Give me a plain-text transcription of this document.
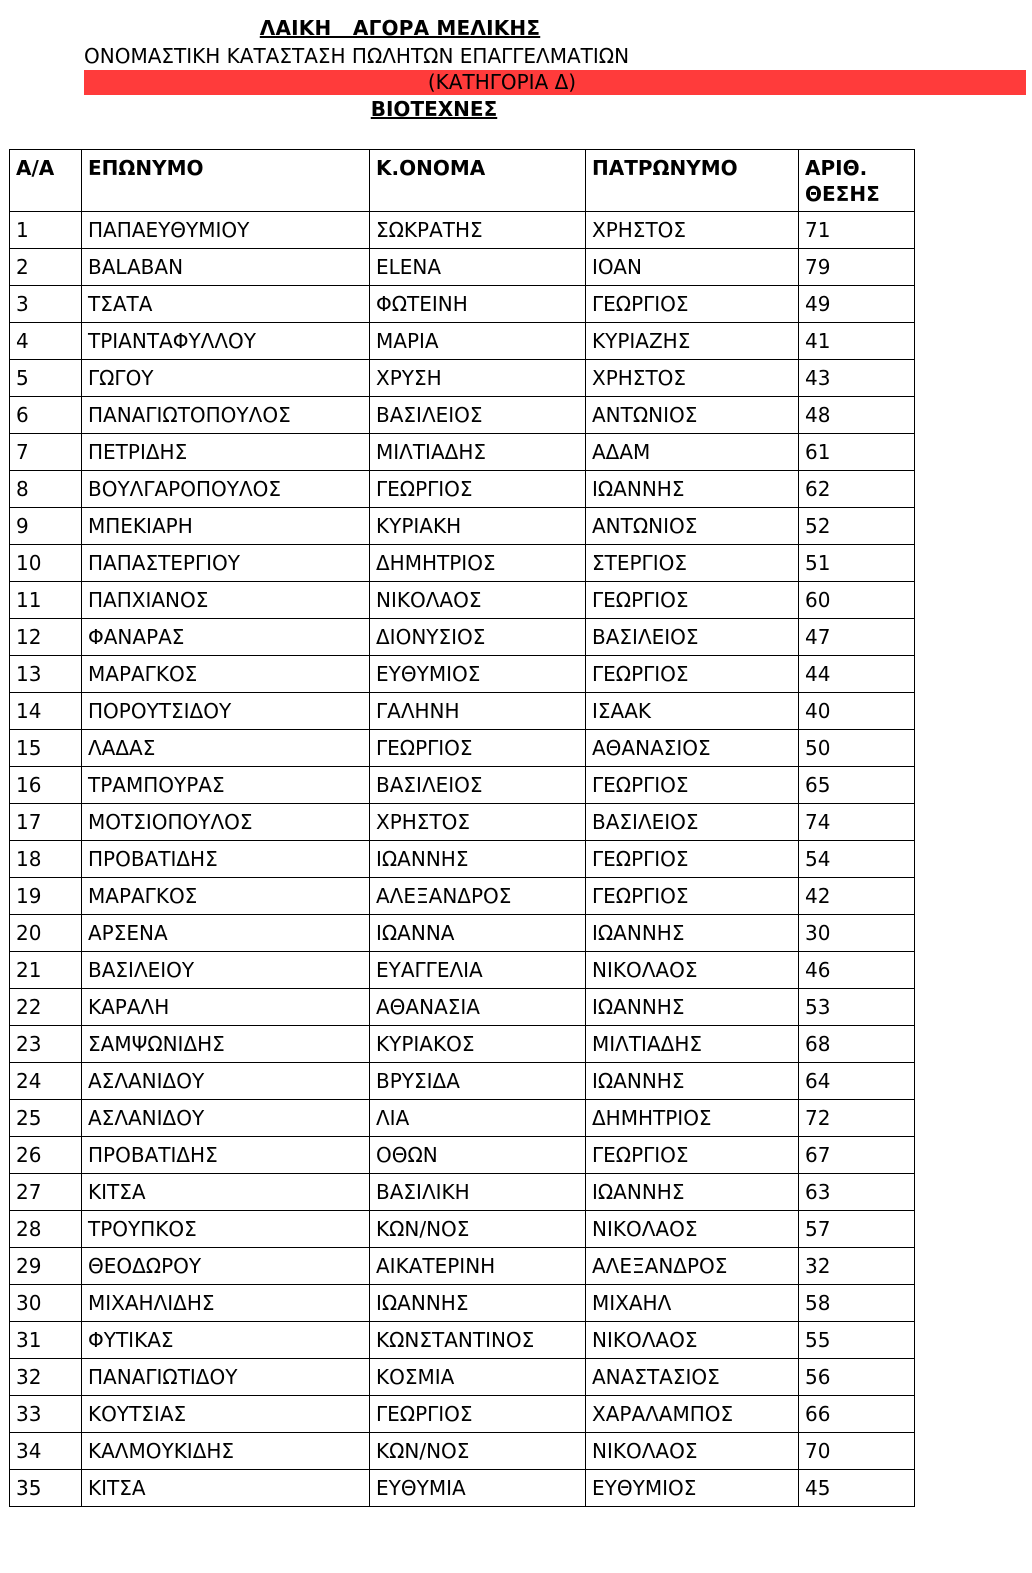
ΛΑΙΚΗ   ΑΓΟΡΑ ΜΕΛΙΚΗΣ
ΟΝΟΜΑΣΤΙΚΗ ΚΑΤΑΣΤΑΣΗ ΠΩΛΗΤΩΝ ΕΠΑΓΓΕΛΜΑΤΙΩΝ
(ΚΑΤΗΓΟΡΙΑ Δ)
ΒΙΟΤΕΧΝΕΣ
Α/Α	ΕΠΩΝΥΜΟ	Κ.ΟΝΟΜΑ	ΠΑΤΡΩΝΥΜΟ	ΑΡΙΘ. ΘΕΣΗΣ
1	ΠΑΠΑΕΥΘΥΜΙΟΥ	ΣΩΚΡΑΤΗΣ	ΧΡΗΣΤΟΣ	71
2	BALABAN	ELENA	IOAN	79
3	ΤΣΑΤΑ	ΦΩΤΕΙΝΗ	ΓΕΩΡΓΙΟΣ	49
4	ΤΡΙΑΝΤΑΦΥΛΛΟΥ	ΜΑΡΙΑ	ΚΥΡΙΑΖΗΣ	41
5	ΓΩΓΟΥ	ΧΡΥΣΗ	ΧΡΗΣΤΟΣ	43
6	ΠΑΝΑΓΙΩΤΟΠΟΥΛΟΣ	ΒΑΣΙΛΕΙΟΣ	ΑΝΤΩΝΙΟΣ	48
7	ΠΕΤΡΙΔΗΣ	ΜΙΛΤΙΑΔΗΣ	ΑΔΑΜ	61
8	ΒΟΥΛΓΑΡΟΠΟΥΛΟΣ	ΓΕΩΡΓΙΟΣ	ΙΩΑΝΝΗΣ	62
9	ΜΠΕΚΙΑΡΗ	ΚΥΡΙΑΚΗ	ΑΝΤΩΝΙΟΣ	52
10	ΠΑΠΑΣΤΕΡΓΙΟΥ	ΔΗΜΗΤΡΙΟΣ	ΣΤΕΡΓΙΟΣ	51
11	ΠΑΠΧΙΑΝΟΣ	ΝΙΚΟΛΑΟΣ	ΓΕΩΡΓΙΟΣ	60
12	ΦΑΝΑΡΑΣ	ΔΙΟΝΥΣΙΟΣ	ΒΑΣΙΛΕΙΟΣ	47
13	ΜΑΡΑΓΚΟΣ	ΕΥΘΥΜΙΟΣ	ΓΕΩΡΓΙΟΣ	44
14	ΠΟΡΟΥΤΣΙΔΟΥ	ΓΑΛΗΝΗ	ΙΣΑΑΚ	40
15	ΛΑΔΑΣ	ΓΕΩΡΓΙΟΣ	ΑΘΑΝΑΣΙΟΣ	50
16	ΤΡΑΜΠΟΥΡΑΣ	ΒΑΣΙΛΕΙΟΣ	ΓΕΩΡΓΙΟΣ	65
17	ΜΟΤΣΙΟΠΟΥΛΟΣ	ΧΡΗΣΤΟΣ	ΒΑΣΙΛΕΙΟΣ	74
18	ΠΡΟΒΑΤΙΔΗΣ	ΙΩΑΝΝΗΣ	ΓΕΩΡΓΙΟΣ	54
19	ΜΑΡΑΓΚΟΣ	ΑΛΕΞΑΝΔΡΟΣ	ΓΕΩΡΓΙΟΣ	42
20	ΑΡΣΕΝΑ	ΙΩΑΝΝΑ	ΙΩΑΝΝΗΣ	30
21	ΒΑΣΙΛΕΙΟΥ	ΕΥΑΓΓΕΛΙΑ	ΝΙΚΟΛΑΟΣ	46
22	ΚΑΡΑΛΗ	ΑΘΑΝΑΣΙΑ	ΙΩΑΝΝΗΣ	53
23	ΣΑΜΨΩΝΙΔΗΣ	ΚΥΡΙΑΚΟΣ	ΜΙΛΤΙΑΔΗΣ	68
24	ΑΣΛΑΝΙΔΟΥ	ΒΡΥΣΙΔΑ	ΙΩΑΝΝΗΣ	64
25	ΑΣΛΑΝΙΔΟΥ	ΛΙΑ	ΔΗΜΗΤΡΙΟΣ	72
26	ΠΡΟΒΑΤΙΔΗΣ	ΟΘΩΝ	ΓΕΩΡΓΙΟΣ	67
27	ΚΙΤΣΑ	ΒΑΣΙΛΙΚΗ	ΙΩΑΝΝΗΣ	63
28	ΤΡΟΥΠΚΟΣ	ΚΩΝ/ΝΟΣ	ΝΙΚΟΛΑΟΣ	57
29	ΘΕΟΔΩΡΟΥ	ΑΙΚΑΤΕΡΙΝΗ	ΑΛΕΞΑΝΔΡΟΣ	32
30	ΜΙΧΑΗΛΙΔΗΣ	ΙΩΑΝΝΗΣ	ΜΙΧΑΗΛ	58
31	ΦΥΤΙΚΑΣ	ΚΩΝΣΤΑΝΤΙΝΟΣ	ΝΙΚΟΛΑΟΣ	55
32	ΠΑΝΑΓΙΩΤΙΔΟΥ	ΚΟΣΜΙΑ	ΑΝΑΣΤΑΣΙΟΣ	56
33	ΚΟΥΤΣΙΑΣ	ΓΕΩΡΓΙΟΣ	ΧΑΡΑΛΑΜΠΟΣ	66
34	ΚΑΛΜΟΥΚΙΔΗΣ	ΚΩΝ/ΝΟΣ	ΝΙΚΟΛΑΟΣ	70
35	ΚΙΤΣΑ	ΕΥΘΥΜΙΑ	ΕΥΘΥΜΙΟΣ	45
